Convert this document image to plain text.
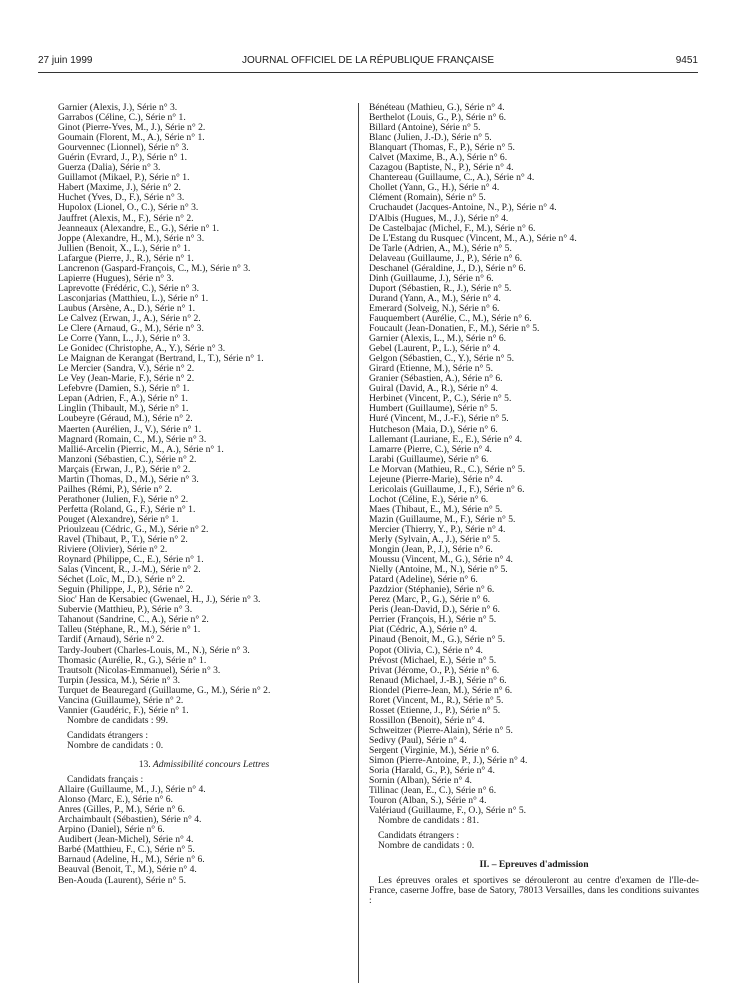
27 juin 1999	JOURNAL OFFICIEL DE LA RÉPUBLIQUE FRANÇAISE	9451
Garnier (Alexis, J.), Série n° 3.
Garrabos (Céline, C.), Série n° 1.
Ginot (Pierre-Yves, M., J.), Série n° 2.
Goumain (Florent, M., A.), Série n° 1.
Gourvennec (Lionnel), Série n° 3.
Guérin (Evrard, J., P.), Série n° 1.
Guerza (Dalia), Série n° 3.
Guillamot (Mikael, P.), Série n° 1.
Habert (Maxime, J.), Série n° 2.
Huchet (Yves, D., F.), Série n° 3.
Hupolox (Lionel, O., C.), Série n° 3.
Jauffret (Alexis, M., F.), Série n° 2.
Jeanneaux (Alexandre, E., G.), Série n° 1.
Joppe (Alexandre, H., M.), Série n° 3.
Jullien (Benoit, X., L.), Série n° 1.
Lafargue (Pierre, J., R.), Série n° 1.
Lancrenon (Gaspard-François, C., M.), Série n° 3.
Lapierre (Hugues), Série n° 3.
Laprevotte (Frédéric, C.), Série n° 3.
Lasconjarias (Matthieu, L.), Série n° 1.
Laubus (Arsène, A., D.), Série n° 1.
Le Calvez (Erwan, J., A.), Série n° 2.
Le Clere (Arnaud, G., M.), Série n° 3.
Le Corre (Yann, L., J.), Série n° 3.
Le Gonidec (Christophe, A., Y.), Série n° 3.
Le Maignan de Kerangat (Bertrand, I., T.), Série n° 1.
Le Mercier (Sandra, V.), Série n° 2.
Le Vey (Jean-Marie, F.), Série n° 2.
Lefebvre (Damien, S.), Série n° 1.
Lepan (Adrien, F., A.), Série n° 1.
Linglin (Thibault, M.), Série n° 1.
Loubeyre (Géraud, M.), Série n° 2.
Maerten (Aurélien, J., V.), Série n° 1.
Magnard (Romain, C., M.), Série n° 3.
Mallié-Arcelin (Pierric, M., A.), Série n° 1.
Manzoni (Sébastien, C.), Série n° 2.
Marçais (Erwan, J., P.), Série n° 2.
Martin (Thomas, D., M.), Série n° 3.
Pailhes (Rémi, P.), Série n° 2.
Perathoner (Julien, F.), Série n° 2.
Perfetta (Roland, G., F.), Série n° 1.
Pouget (Alexandre), Série n° 1.
Prioulzeau (Cédric, G., M.), Série n° 2.
Ravel (Thibaut, P., T.), Série n° 2.
Riviere (Olivier), Série n° 2.
Roynard (Philippe, C., E.), Série n° 1.
Salas (Vincent, R., J.-M.), Série n° 2.
Séchet (Loïc, M., D.), Série n° 2.
Seguin (Philippe, J., P.), Série n° 2.
Sioc' Han de Kersabiec (Gwenael, H., J.), Série n° 3.
Subervie (Matthieu, P.), Série n° 3.
Tahanout (Sandrine, C., A.), Série n° 2.
Talleu (Stéphane, R., M.), Série n° 1.
Tardif (Arnaud), Série n° 2.
Tardy-Joubert (Charles-Louis, M., N.), Série n° 3.
Thomasic (Aurélie, R., G.), Série n° 1.
Trautsolt (Nicolas-Emmanuel), Série n° 3.
Turpin (Jessica, M.), Série n° 3.
Turquet de Beauregard (Guillaume, G., M.), Série n° 2.
Vancina (Guillaume), Série n° 2.
Vannier (Gaudéric, F.), Série n° 1.
Nombre de candidats : 99.
Candidats étrangers :
Nombre de candidats : 0.
13. Admissibilité concours Lettres
Candidats français :
Allaire (Guillaume, M., J.), Série n° 4.
Alonso (Marc, E.), Série n° 6.
Anres (Gilles, P., M.), Série n° 6.
Archaimbault (Sébastien), Série n° 4.
Arpino (Daniel), Série n° 6.
Audibert (Jean-Michel), Série n° 4.
Barbé (Matthieu, F., C.), Série n° 5.
Barnaud (Adeline, H., M.), Série n° 6.
Beauval (Benoit, T., M.), Série n° 4.
Ben-Aouda (Laurent), Série n° 5.
Bénéteau (Mathieu, G.), Série n° 4.
Berthelot (Louis, G., P.), Série n° 6.
Billard (Antoine), Série n° 5.
Blanc (Julien, J.-D.), Série n° 5.
Blanquart (Thomas, F., P.), Série n° 5.
Calvet (Maxime, B., A.), Série n° 6.
Cazagou (Baptiste, N., P.), Série n° 4.
Chantereau (Guillaume, C., A.), Série n° 4.
Chollet (Yann, G., H.), Série n° 4.
Clément (Romain), Série n° 5.
Cruchaudet (Jacques-Antoine, N., P.), Série n° 4.
D'Albis (Hugues, M., J.), Série n° 4.
De Castelbajac (Michel, F., M.), Série n° 6.
De L'Estang du Rusquec (Vincent, M., A.), Série n° 4.
De Tarle (Adrien, A., M.), Série n° 5.
Delaveau (Guillaume, J., P.), Série n° 6.
Deschanel (Géraldine, J., D.), Série n° 6.
Dinh (Guillaume, J.), Série n° 6.
Duport (Sébastien, R., J.), Série n° 5.
Durand (Yann, A., M.), Série n° 4.
Emerard (Solveig, N.), Série n° 6.
Fauquembert (Aurélie, C., M.), Série n° 6.
Foucault (Jean-Donatien, F., M.), Série n° 5.
Garnier (Alexis, L., M.), Série n° 6.
Gebel (Laurent, P., L.), Série n° 4.
Gelgon (Sébastien, C., Y.), Série n° 5.
Girard (Etienne, M.), Série n° 5.
Granier (Sébastien, A.), Série n° 6.
Guiral (David, A., R.), Série n° 4.
Herbinet (Vincent, P., C.), Série n° 5.
Humbert (Guillaume), Série n° 5.
Huré (Vincent, M., J.-F.), Série n° 5.
Hutcheson (Maia, D.), Série n° 6.
Lallemant (Lauriane, E., E.), Série n° 4.
Lamarre (Pierre, C.), Série n° 4.
Larabi (Guillaume), Série n° 6.
Le Morvan (Mathieu, R., C.), Série n° 5.
Lejeune (Pierre-Marie), Série n° 4.
Lericolais (Guillaume, J., F.), Série n° 6.
Lochot (Céline, E.), Série n° 6.
Maes (Thibaut, E., M.), Série n° 5.
Mazin (Guillaume, M., F.), Série n° 5.
Mercier (Thierry, Y., P.), Série n° 4.
Merly (Sylvain, A., J.), Série n° 5.
Mongin (Jean, P., J.), Série n° 6.
Moussu (Vincent, M., G.), Série n° 4.
Nielly (Antoine, M., N.), Série n° 5.
Patard (Adeline), Série n° 6.
Pazdzior (Stéphanie), Série n° 6.
Perez (Marc, P., G.), Série n° 6.
Peris (Jean-David, D.), Série n° 6.
Perrier (François, H.), Série n° 5.
Piat (Cédric, A.), Série n° 4.
Pinaud (Benoit, M., G.), Série n° 5.
Popot (Olivia, C.), Série n° 4.
Prévost (Michael, E.), Série n° 5.
Privat (Jérome, O., P.), Série n° 6.
Renaud (Michael, J.-B.), Série n° 6.
Riondel (Pierre-Jean, M.), Série n° 6.
Roret (Vincent, M., R.), Série n° 5.
Rosset (Etienne, J., P.), Série n° 5.
Rossillon (Benoit), Série n° 4.
Schweitzer (Pierre-Alain), Série n° 5.
Sedivy (Paul), Série n° 4.
Sergent (Virginie, M.), Série n° 6.
Simon (Pierre-Antoine, P., J.), Série n° 4.
Soria (Harald, G., P.), Série n° 4.
Sornin (Alban), Série n° 4.
Tillinac (Jean, E., C.), Série n° 6.
Touron (Alban, S.), Série n° 4.
Valériaud (Guillaume, F., O.), Série n° 5.
Nombre de candidats : 81.
Candidats étrangers :
Nombre de candidats : 0.
II. – Epreuves d'admission
Les épreuves orales et sportives se dérouleront au centre d'examen de l'Ile-de-France, caserne Joffre, base de Satory, 78013 Versailles, dans les conditions suivantes :
